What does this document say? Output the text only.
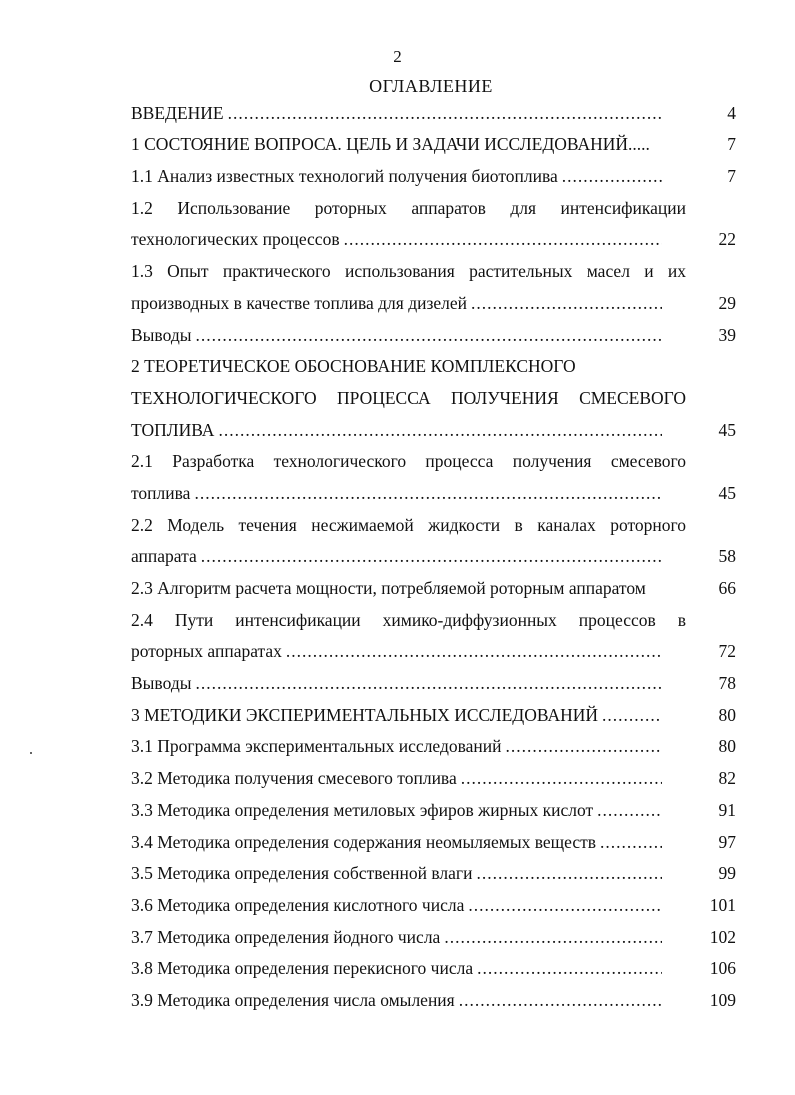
2
ОГЛАВЛЕНИЕ
ВВЕДЕНИЕ .....	4
1 СОСТОЯНИЕ ВОПРОСА. ЦЕЛЬ И ЗАДАЧИ ИССЛЕДОВАНИЙ.....	7
1.1 Анализ известных технологий получения биотоплива .....	7
1.2 Использование роторных аппаратов для интенсификации
технологических процессов .....	22
1.3 Опыт практического использования растительных масел и их
производных в качестве топлива для дизелей .....	29
Выводы .....	39
2 ТЕОРЕТИЧЕСКОЕ ОБОСНОВАНИЕ КОМПЛЕКСНОГО
ТЕХНОЛОГИЧЕСКОГО ПРОЦЕССА ПОЛУЧЕНИЯ СМЕСЕВОГО
ТОПЛИВА .....	45
2.1 Разработка технологического процесса получения смесевого
топлива .....	45
2.2 Модель течения несжимаемой жидкости в каналах роторного
аппарата .....	58
2.3 Алгоритм расчета мощности, потребляемой роторным аппаратом	66
2.4 Пути интенсификации химико-диффузионных процессов в
роторных аппаратах .....	72
Выводы .....	78
3 МЕТОДИКИ ЭКСПЕРИМЕНТАЛЬНЫХ ИССЛЕДОВАНИЙ .....	80
3.1 Программа экспериментальных исследований .....	80
3.2 Методика получения смесевого топлива .....	82
3.3 Методика определения метиловых эфиров жирных кислот .....	91
3.4 Методика определения содержания неомыляемых веществ .....	97
3.5 Методика определения собственной влаги .....	99
3.6 Методика определения кислотного числа .....	101
3.7 Методика определения йодного числа .....	102
3.8 Методика определения перекисного числа .....	106
3.9 Методика определения числа омыления .....	109
